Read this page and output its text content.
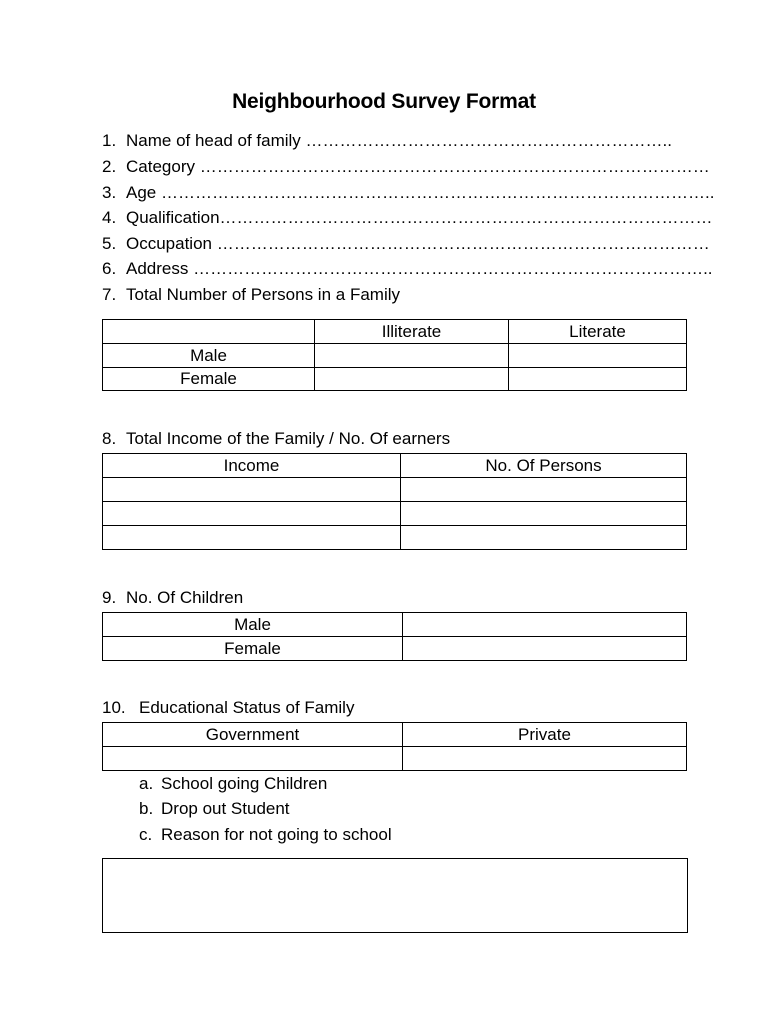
Neighbourhood Survey Format
1. Name of head of family ………………………………………………………..
2. Category ………………………………………………………………………………
3. Age ……………………………………………………………………………………..
4. Qualification……………………………………………………………………………
5. Occupation ……………………………………………………………………………
6. Address ………………………………………………………………………………..
7. Total Number of Persons in a Family
	Illiterate	Literate
Male		
Female		
8. Total Income of the Family / No. Of earners
Income	No. Of Persons

9. No. Of Children
Male	
Female	
10. Educational Status of Family
Government	Private

a. School going Children
b. Drop out Student
c. Reason for not going to school
